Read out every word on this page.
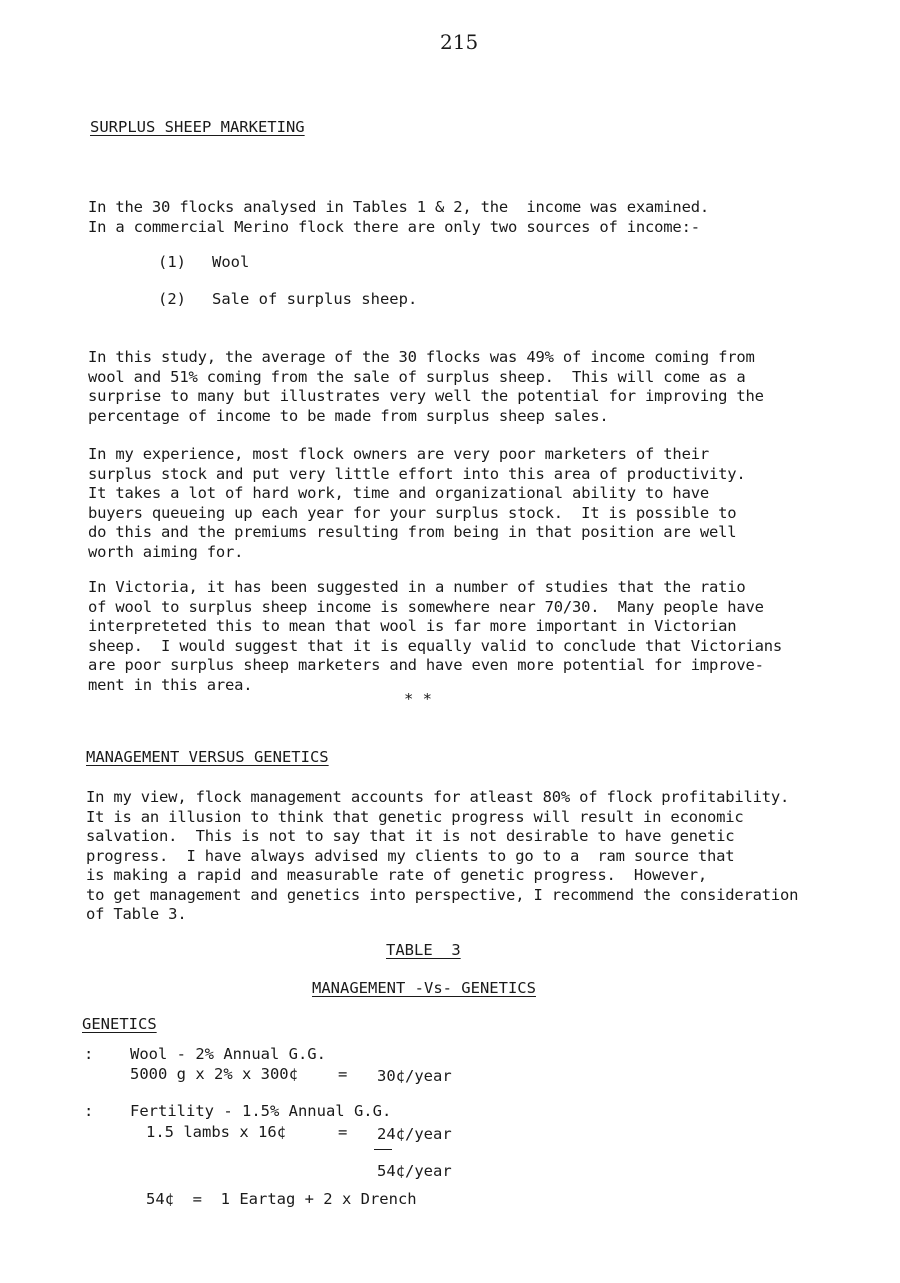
215
SURPLUS SHEEP MARKETING
In the 30 flocks analysed in Tables 1 & 2, the  income was examined.
In a commercial Merino flock there are only two sources of income:-
(1) Wool
(2) Sale of surplus sheep.
In this study, the average of the 30 flocks was 49% of income coming from
wool and 51% coming from the sale of surplus sheep.  This will come as a
surprise to many but illustrates very well the potential for improving the
percentage of income to be made from surplus sheep sales.
In my experience, most flock owners are very poor marketers of their
surplus stock and put very little effort into this area of productivity.
It takes a lot of hard work, time and organizational ability to have
buyers queueing up each year for your surplus stock.  It is possible to
do this and the premiums resulting from being in that position are well
worth aiming for.
In Victoria, it has been suggested in a number of studies that the ratio
of wool to surplus sheep income is somewhere near 70/30.  Many people have
interpreteted this to mean that wool is far more important in Victorian
sheep.  I would suggest that it is equally valid to conclude that Victorians
are poor surplus sheep marketers and have even more potential for improve-
ment in this area.
* *
MANAGEMENT VERSUS GENETICS
In my view, flock management accounts for atleast 80% of flock profitability.
It is an illusion to think that genetic progress will result in economic
salvation.  This is not to say that it is not desirable to have genetic
progress.  I have always advised my clients to go to a  ram source that
is making a rapid and measurable rate of genetic progress.  However,
to get management and genetics into perspective, I recommend the consideration
of Table 3.
TABLE  3
MANAGEMENT -Vs- GENETICS
GENETICS
: Wool - 2% Annual G.G.
5000 g x 2% x 300¢	= 30¢/year
: Fertility - 1.5% Annual G.G.
1.5 lambs x 16¢	= 24¢/year
54¢/year
54¢  =  1 Eartag + 2 x Drench
